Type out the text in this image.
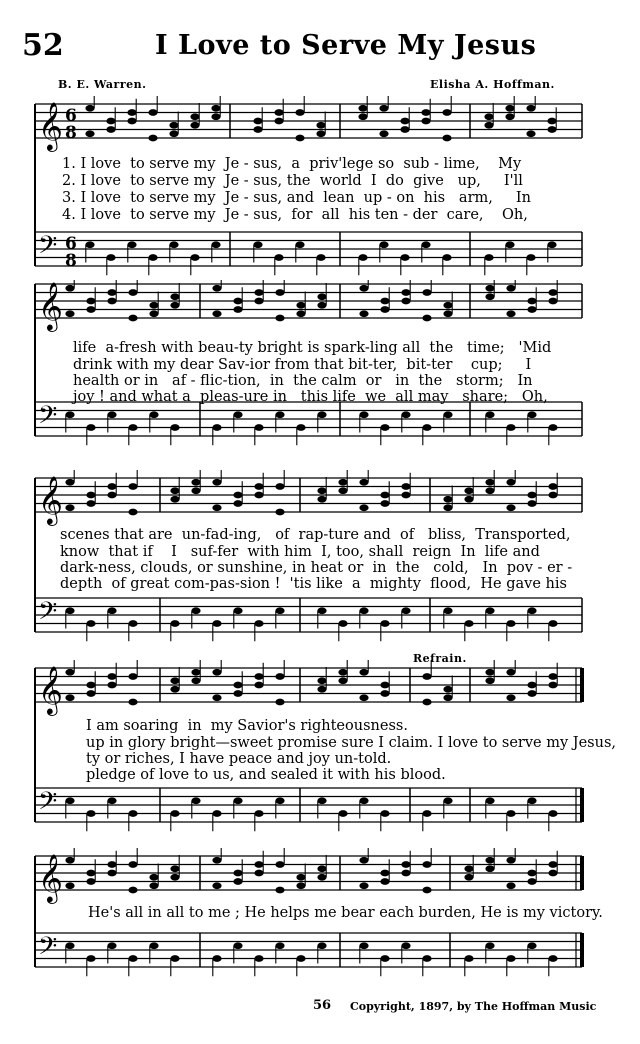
52	I Love to Serve My Jesus
B. E. Warren.	Elisha A. Hoffman.
𝄞 6
8
𝄢 6
8
1. I love  to serve my  Je - sus,  a  priv'lege so  sub - lime,    My
2. I love  to serve my  Je - sus, the  world  I  do  give   up,     I'll
3. I love  to serve my  Je - sus, and  lean  up - on  his   arm,     In
4. I love  to serve my  Je - sus,  for  all  his ten - der  care,    Oh,
𝄞
𝄢
life  a-fresh with beau-ty bright is spark-ling all  the   time;   'Mid
drink with my dear Sav-ior from that bit-ter,  bit-ter    cup;     I
health or in   af - flic-tion,  in  the calm  or   in  the   storm;   In
joy ! and what a  pleas-ure in   this life  we  all may   share;   Oh,
𝄞
𝄢
scenes that are  un-fad-ing,   of  rap-ture and  of   bliss,  Transported,
know  that if    I   suf-fer  with him  I, too, shall  reign  In  life and
dark-ness, clouds, or sunshine, in heat or  in  the   cold,   In  pov - er -
depth  of great com-pas-sion !  'tis like  a  mighty  flood,  He gave his
Refrain.
𝄞
𝄢
I am soaring  in  my Savior's righteousness.
up in glory bright—sweet promise sure I claim. I love to serve my Jesus,
ty or riches, I have peace and joy un-told.
pledge of love to us, and sealed it with his blood.
𝄞
𝄢
He's all in all to me ; He helps me bear each burden, He is my victory.
56 Copyright, 1897, by The Hoffman Music
